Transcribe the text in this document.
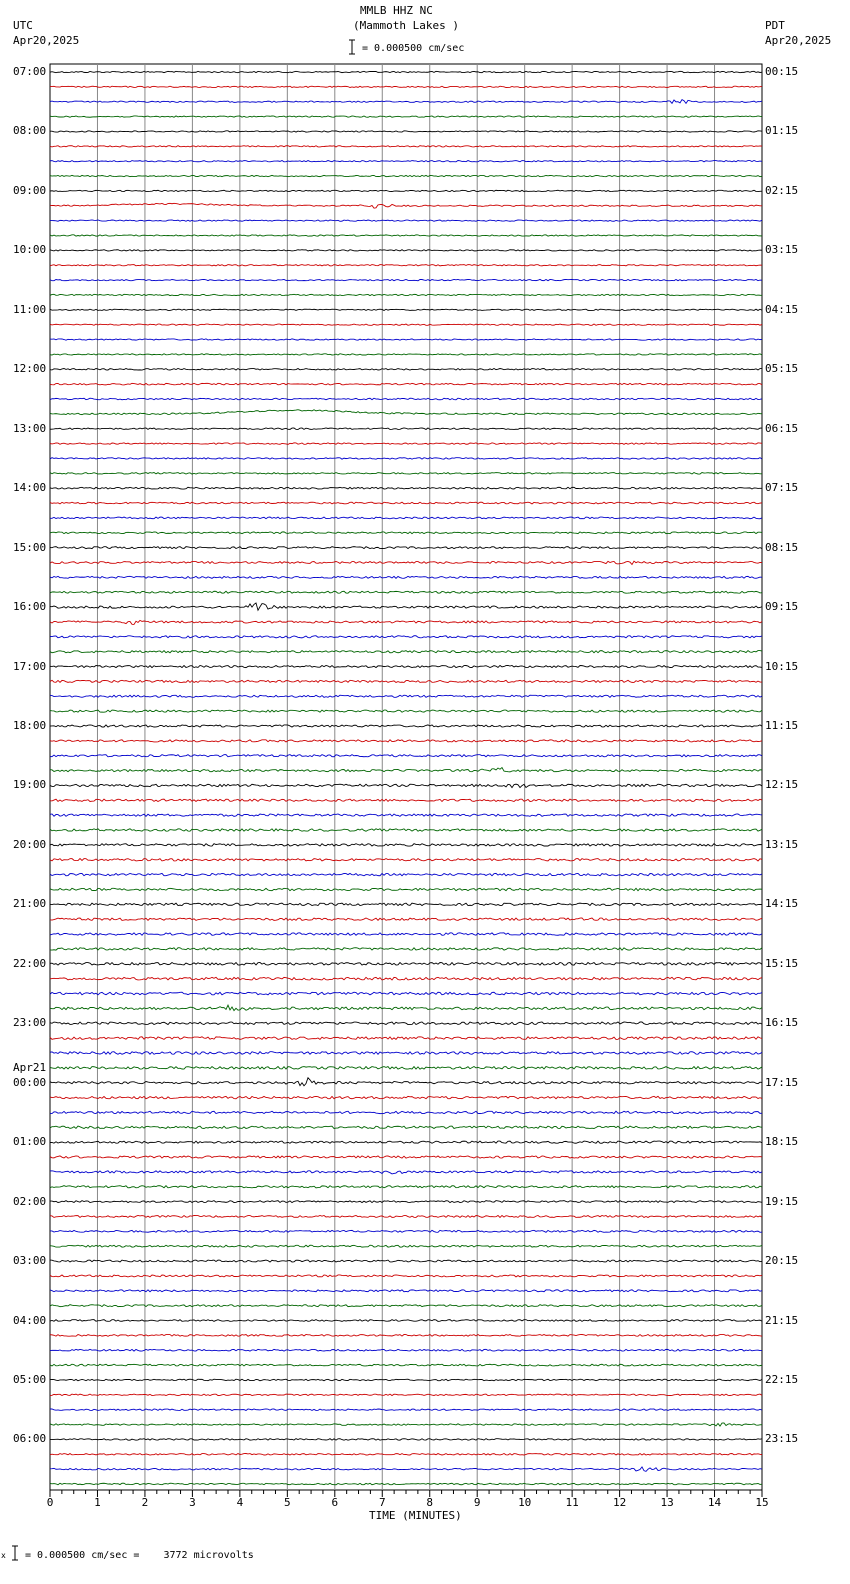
MMLB HHZ NC
(Mammoth Lakes )
= 0.000500 cm/sec
UTC
Apr20,2025
PDT
Apr20,2025
Apr21
TIME (MINUTES)
x = 0.000500 cm/sec =    3772 microvolts
07:00
08:00
09:00
10:00
11:00
12:00
13:00
14:00
15:00
16:00
17:00
18:00
19:00
20:00
21:00
22:00
23:00
00:00
01:00
02:00
03:00
04:00
05:00
06:00
00:15
01:15
02:15
03:15
04:15
05:15
06:15
07:15
08:15
09:15
10:15
11:15
12:15
13:15
14:15
15:15
16:15
17:15
18:15
19:15
20:15
21:15
22:15
23:15
0	1	2	3	4	5	6	7	8	9	10	11	12	13	14	15
